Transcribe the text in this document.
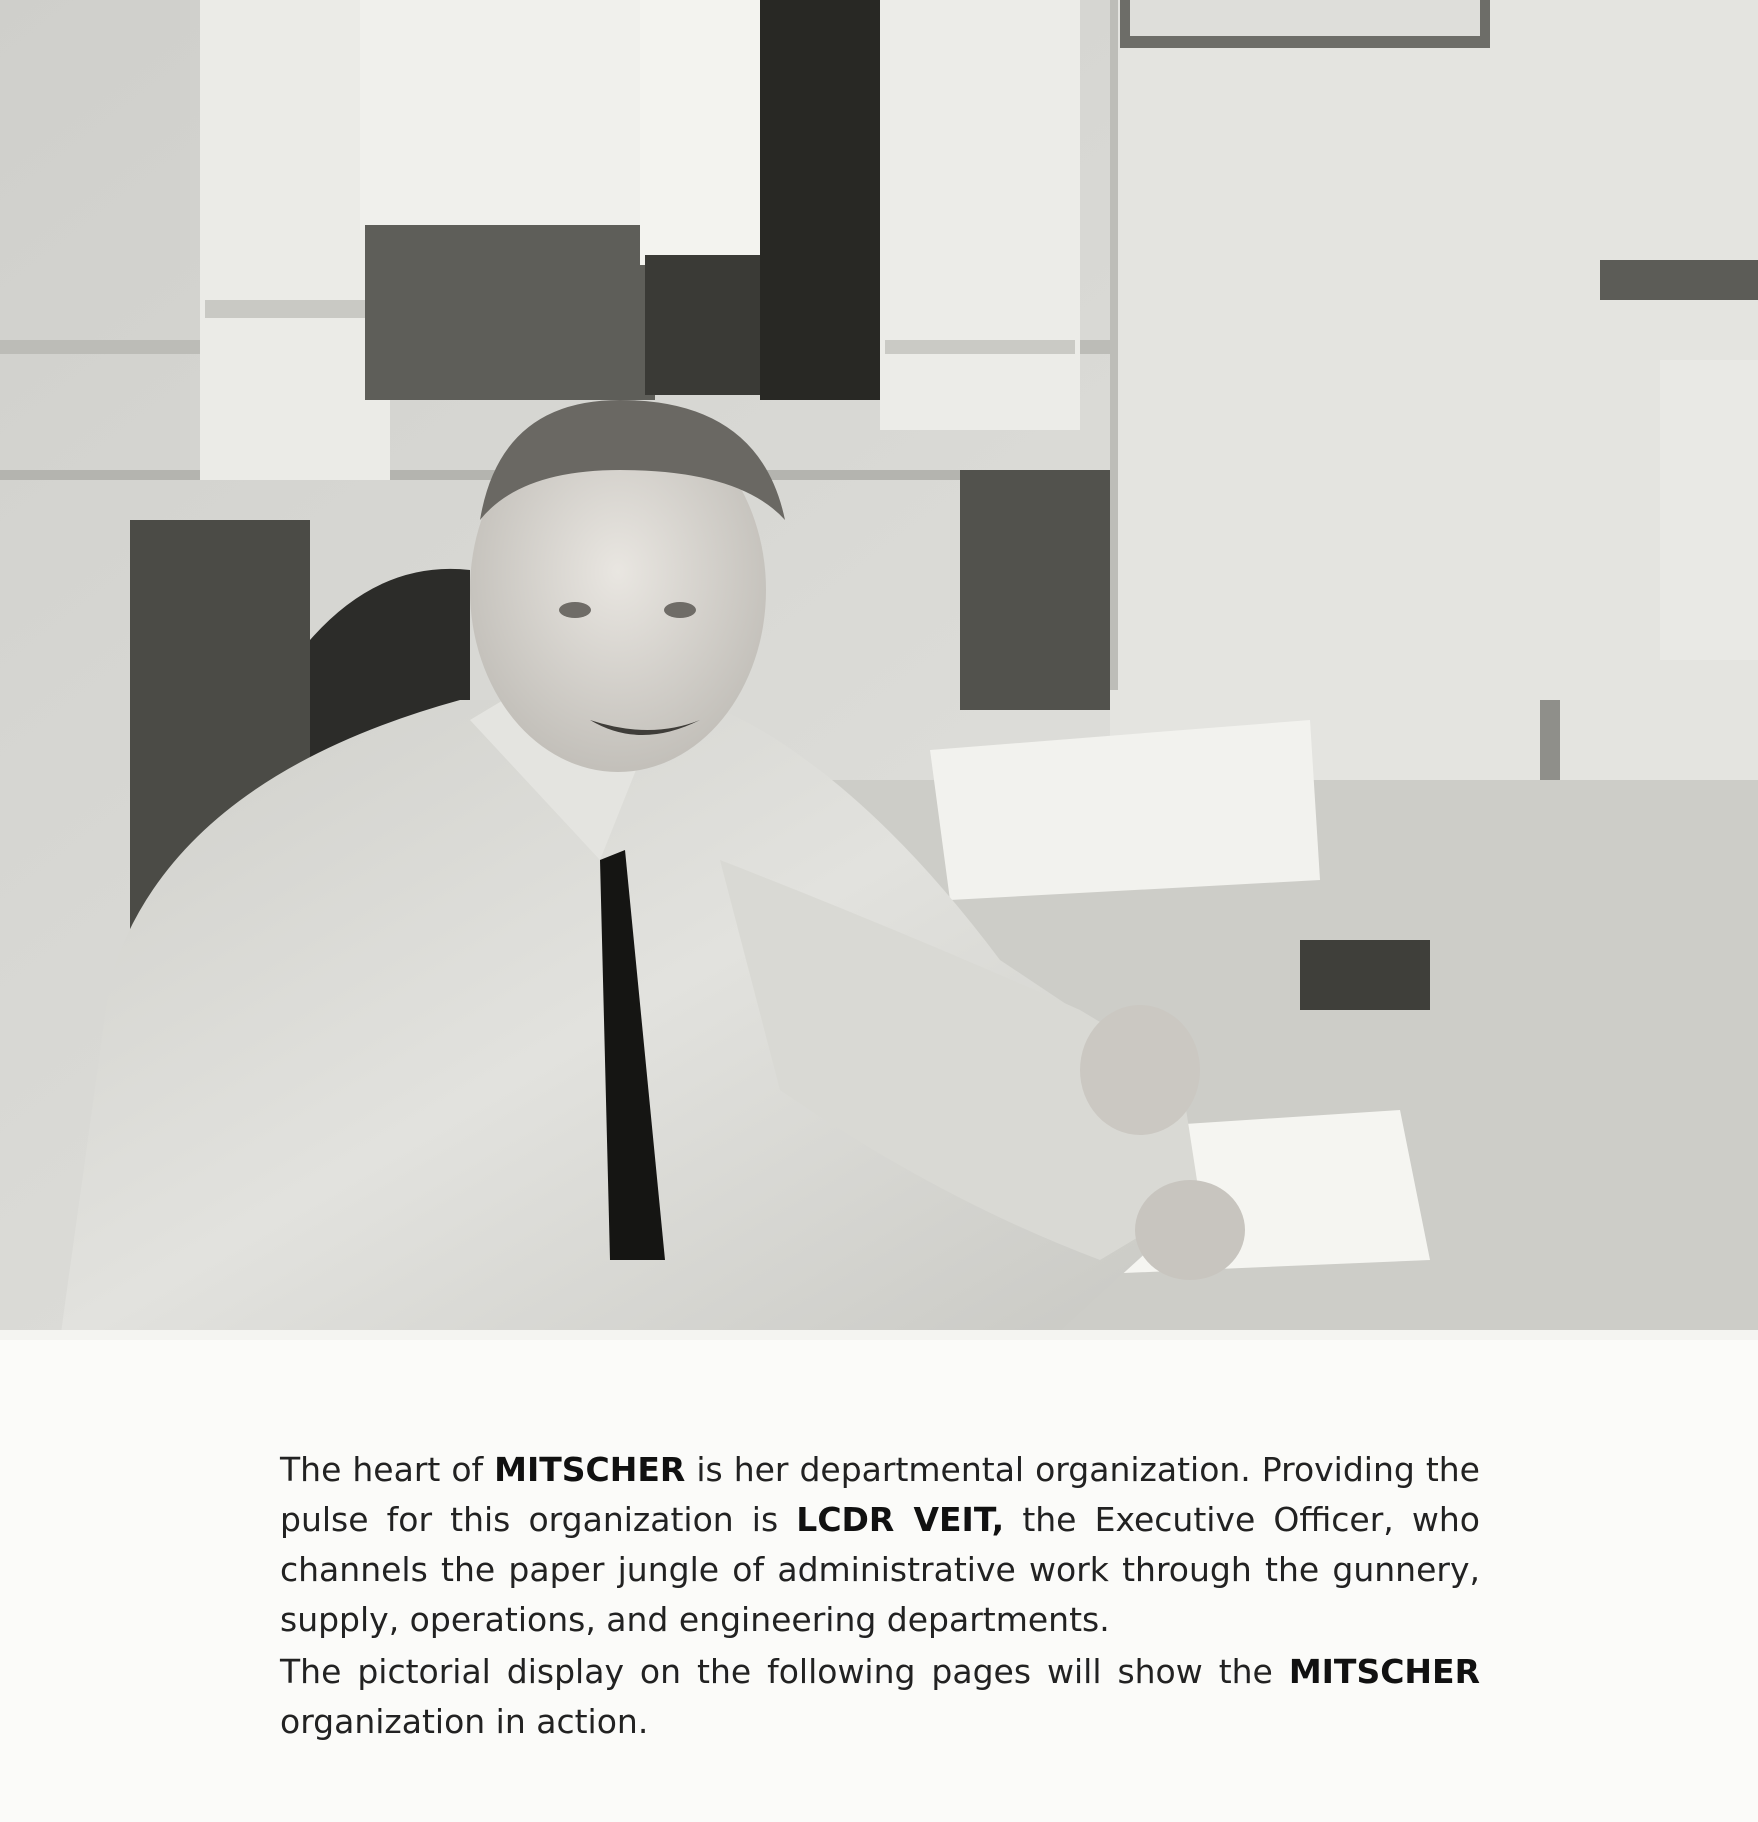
The heart of MITSCHER is her departmental organization. Providing the pulse for this organization is LCDR VEIT, the Executive Officer, who channels the paper jungle of administrative work through the gunnery, supply, operations, and engineering departments.

The pictorial display on the following pages will show the MITSCHER organization in action.
